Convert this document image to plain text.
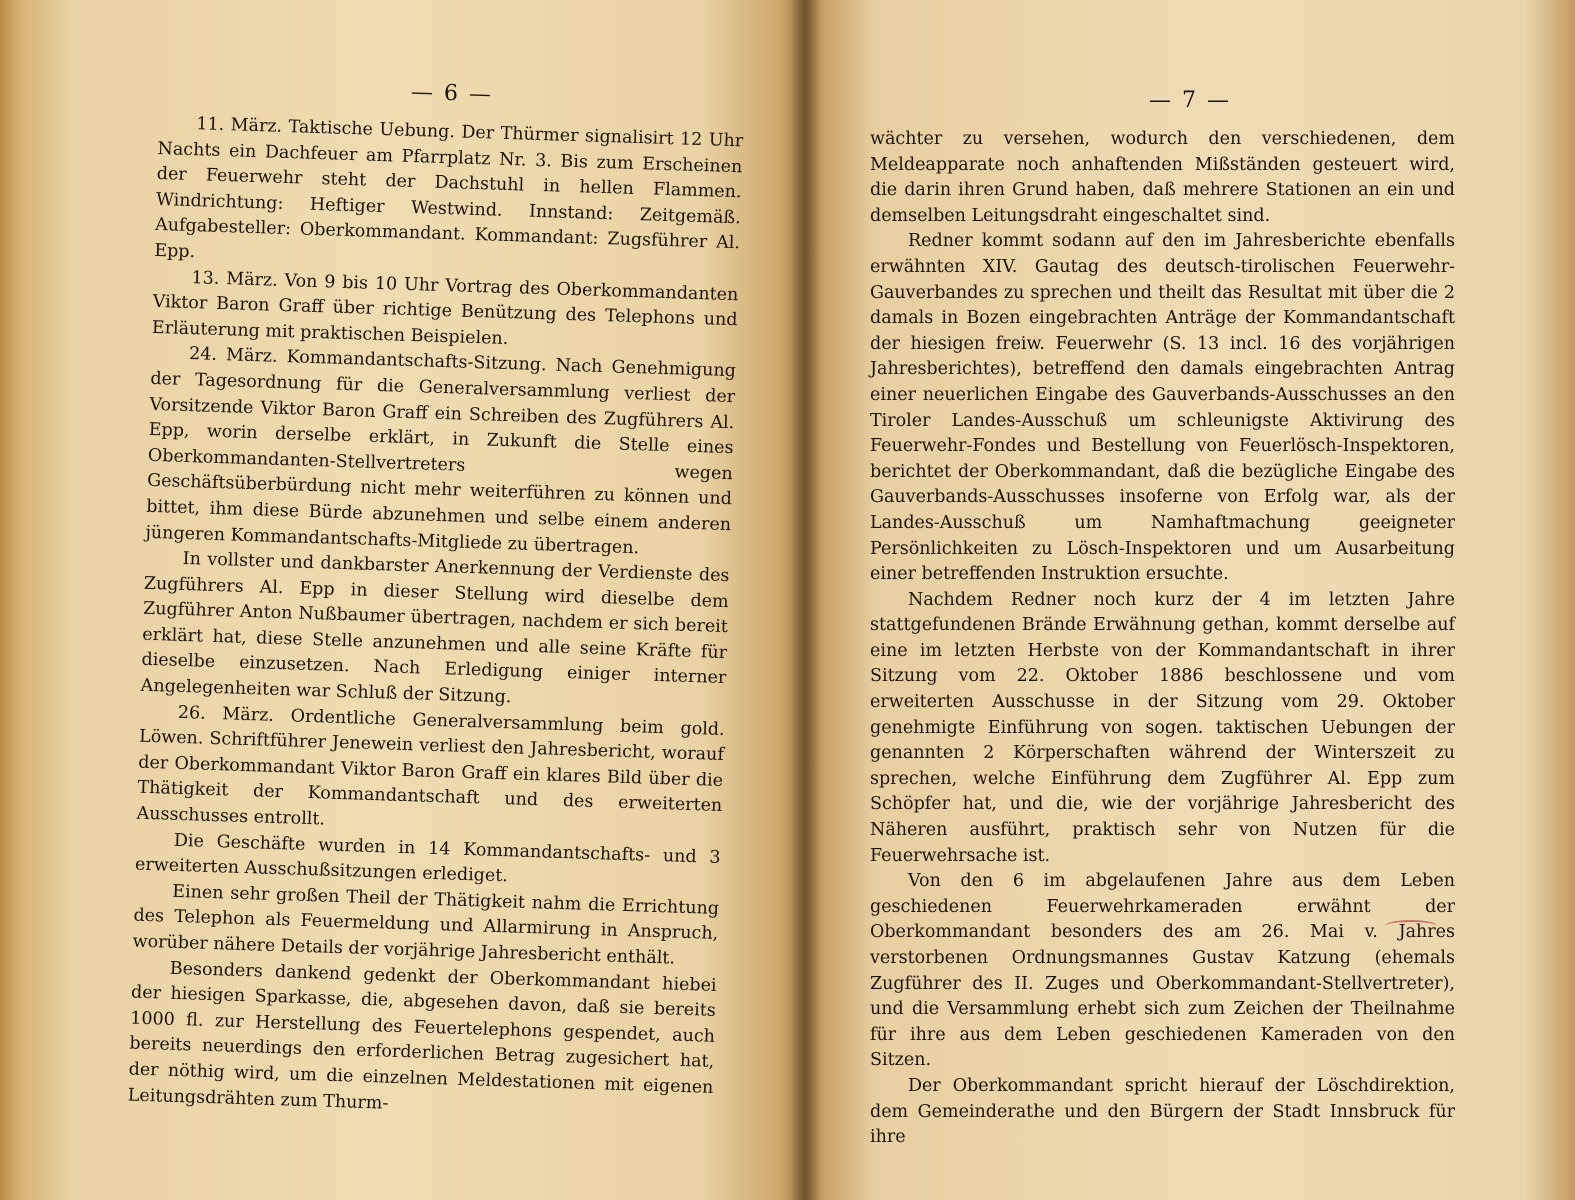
— 6 —

11. März. Taktische Uebung. Der Thürmer signalisirt 12 Uhr Nachts ein Dachfeuer am Pfarrplatz Nr. 3. Bis zum Erscheinen der Feuerwehr steht der Dachstuhl in hellen Flammen. Windrichtung: Heftiger Westwind. Innstand: Zeitgemäß. Aufgabesteller: Oberkommandant. Kommandant: Zugsführer Al. Epp.

13. März. Von 9 bis 10 Uhr Vortrag des Oberkommandanten Viktor Baron Graff über richtige Benützung des Telephons und Erläuterung mit praktischen Beispielen.

24. März. Kommandantschafts-Sitzung. Nach Genehmigung der Tagesordnung für die Generalversammlung verliest der Vorsitzende Viktor Baron Graff ein Schreiben des Zugführers Al. Epp, worin derselbe erklärt, in Zukunft die Stelle eines Oberkommandanten-Stellvertreters wegen Geschäftsüberbürdung nicht mehr weiterführen zu können und bittet, ihm diese Bürde abzunehmen und selbe einem anderen jüngeren Kommandantschafts-Mitgliede zu übertragen.

In vollster und dankbarster Anerkennung der Verdienste des Zugführers Al. Epp in dieser Stellung wird dieselbe dem Zugführer Anton Nußbaumer übertragen, nachdem er sich bereit erklärt hat, diese Stelle anzunehmen und alle seine Kräfte für dieselbe einzusetzen. Nach Erledigung einiger interner Angelegenheiten war Schluß der Sitzung.

26. März. Ordentliche Generalversammlung beim gold. Löwen. Schriftführer Jenewein verliest den Jahresbericht, worauf der Oberkommandant Viktor Baron Graff ein klares Bild über die Thätigkeit der Kommandantschaft und des erweiterten Ausschusses entrollt.

Die Geschäfte wurden in 14 Kommandantschafts- und 3 erweiterten Ausschußsitzungen erlediget.

Einen sehr großen Theil der Thätigkeit nahm die Errichtung des Telephon als Feuermeldung und Allarmirung in Anspruch, worüber nähere Details der vorjährige Jahresbericht enthält.

Besonders dankend gedenkt der Oberkommandant hiebei der hiesigen Sparkasse, die, abgesehen davon, daß sie bereits 1000 fl. zur Herstellung des Feuertelephons gespendet, auch bereits neuerdings den erforderlichen Betrag zugesichert hat, der nöthig wird, um die einzelnen Meldestationen mit eigenen Leitungsdrähten zum Thurm-

— 7 —

wächter zu versehen, wodurch den verschiedenen, dem Meldeapparate noch anhaftenden Mißständen gesteuert wird, die darin ihren Grund haben, daß mehrere Stationen an ein und demselben Leitungsdraht eingeschaltet sind.

Redner kommt sodann auf den im Jahresberichte ebenfalls erwähnten XIV. Gautag des deutsch-tirolischen Feuerwehr-Gauverbandes zu sprechen und theilt das Resultat mit über die 2 damals in Bozen eingebrachten Anträge der Kommandantschaft der hiesigen freiw. Feuerwehr (S. 13 incl. 16 des vorjährigen Jahresberichtes), betreffend den damals eingebrachten Antrag einer neuerlichen Eingabe des Gauverbands-Ausschusses an den Tiroler Landes-Ausschuß um schleunigste Aktivirung des Feuerwehr-Fondes und Bestellung von Feuerlösch-Inspektoren, berichtet der Oberkommandant, daß die bezügliche Eingabe des Gauverbands-Ausschusses insoferne von Erfolg war, als der Landes-Ausschuß um Namhaftmachung geeigneter Persönlichkeiten zu Lösch-Inspektoren und um Ausarbeitung einer betreffenden Instruktion ersuchte.

Nachdem Redner noch kurz der 4 im letzten Jahre stattgefundenen Brände Erwähnung gethan, kommt derselbe auf eine im letzten Herbste von der Kommandantschaft in ihrer Sitzung vom 22. Oktober 1886 beschlossene und vom erweiterten Ausschusse in der Sitzung vom 29. Oktober genehmigte Einführung von sogen. taktischen Uebungen der genannten 2 Körperschaften während der Winterszeit zu sprechen, welche Einführung dem Zugführer Al. Epp zum Schöpfer hat, und die, wie der vorjährige Jahresbericht des Näheren ausführt, praktisch sehr von Nutzen für die Feuerwehrsache ist.

Von den 6 im abgelaufenen Jahre aus dem Leben geschiedenen Feuerwehrkameraden erwähnt der Oberkommandant besonders des am 26. Mai v. Jahres verstorbenen Ordnungsmannes Gustav Katzung (ehemals Zugführer des II. Zuges und Oberkommandant-Stellvertreter), und die Versammlung erhebt sich zum Zeichen der Theilnahme für ihre aus dem Leben geschiedenen Kameraden von den Sitzen.

Der Oberkommandant spricht hierauf der Löschdirektion, dem Gemeinderathe und den Bürgern der Stadt Innsbruck für ihre
